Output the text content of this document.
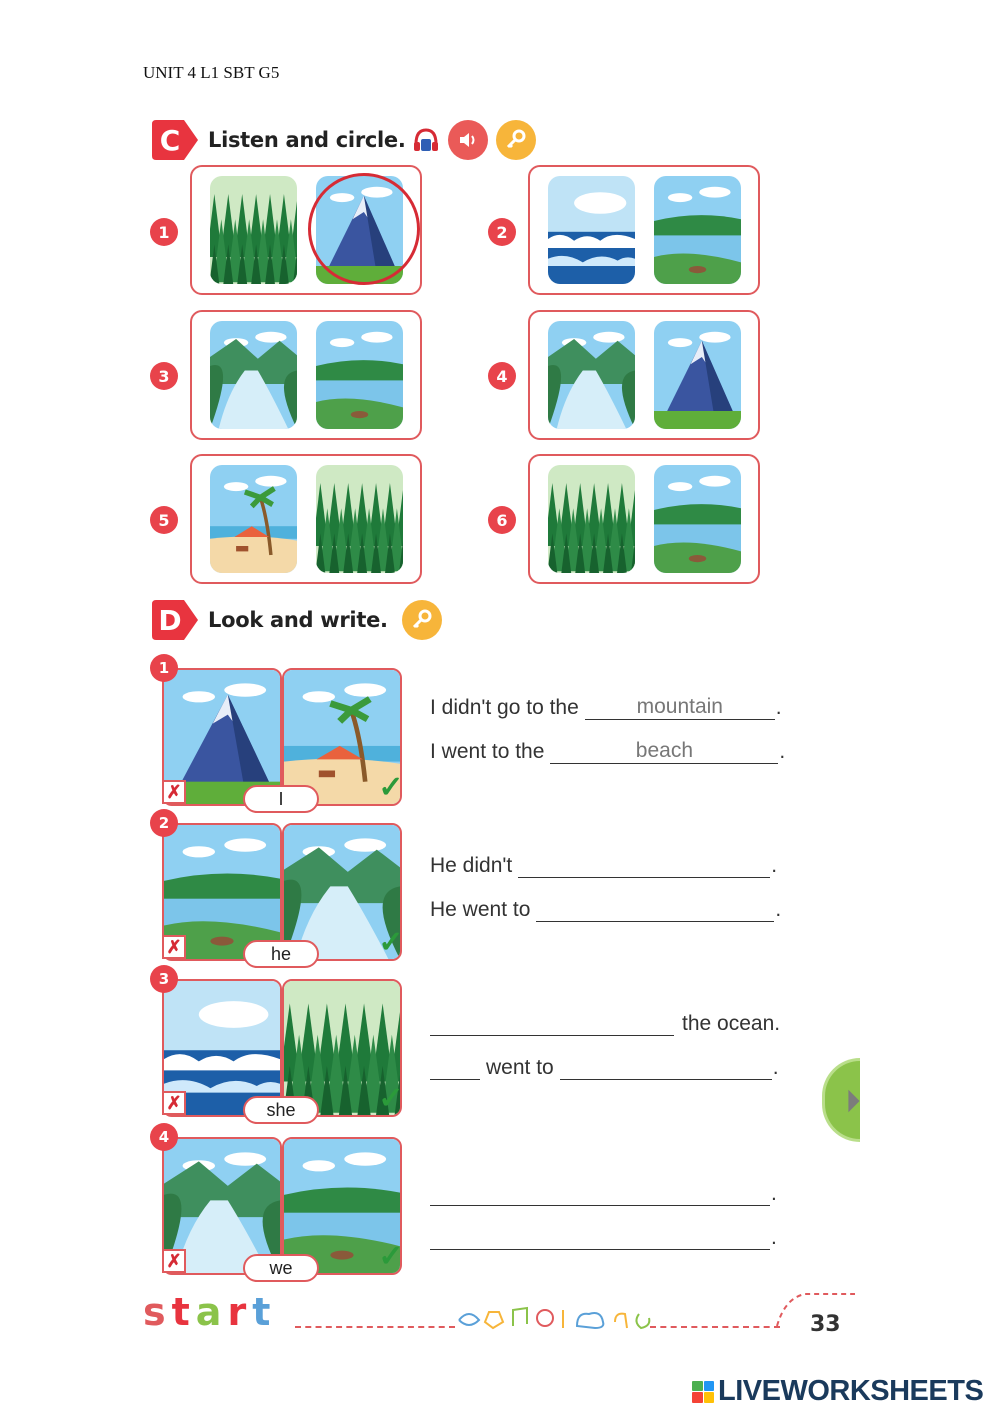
UNIT 4 L1 SBT G5
C Listen and circle.
1	2
3	4
5	6
D Look and write.
1
✗	✓
I
2
✗	✓
he
3
✗	✓
she
4
✗	✓
we
I didn't go to the	mountain	.
I went to the	beach	.
He didn't	.
He went to	.
the ocean.
went to	.
.
.
start	33
LIVEWORKSHEETS
